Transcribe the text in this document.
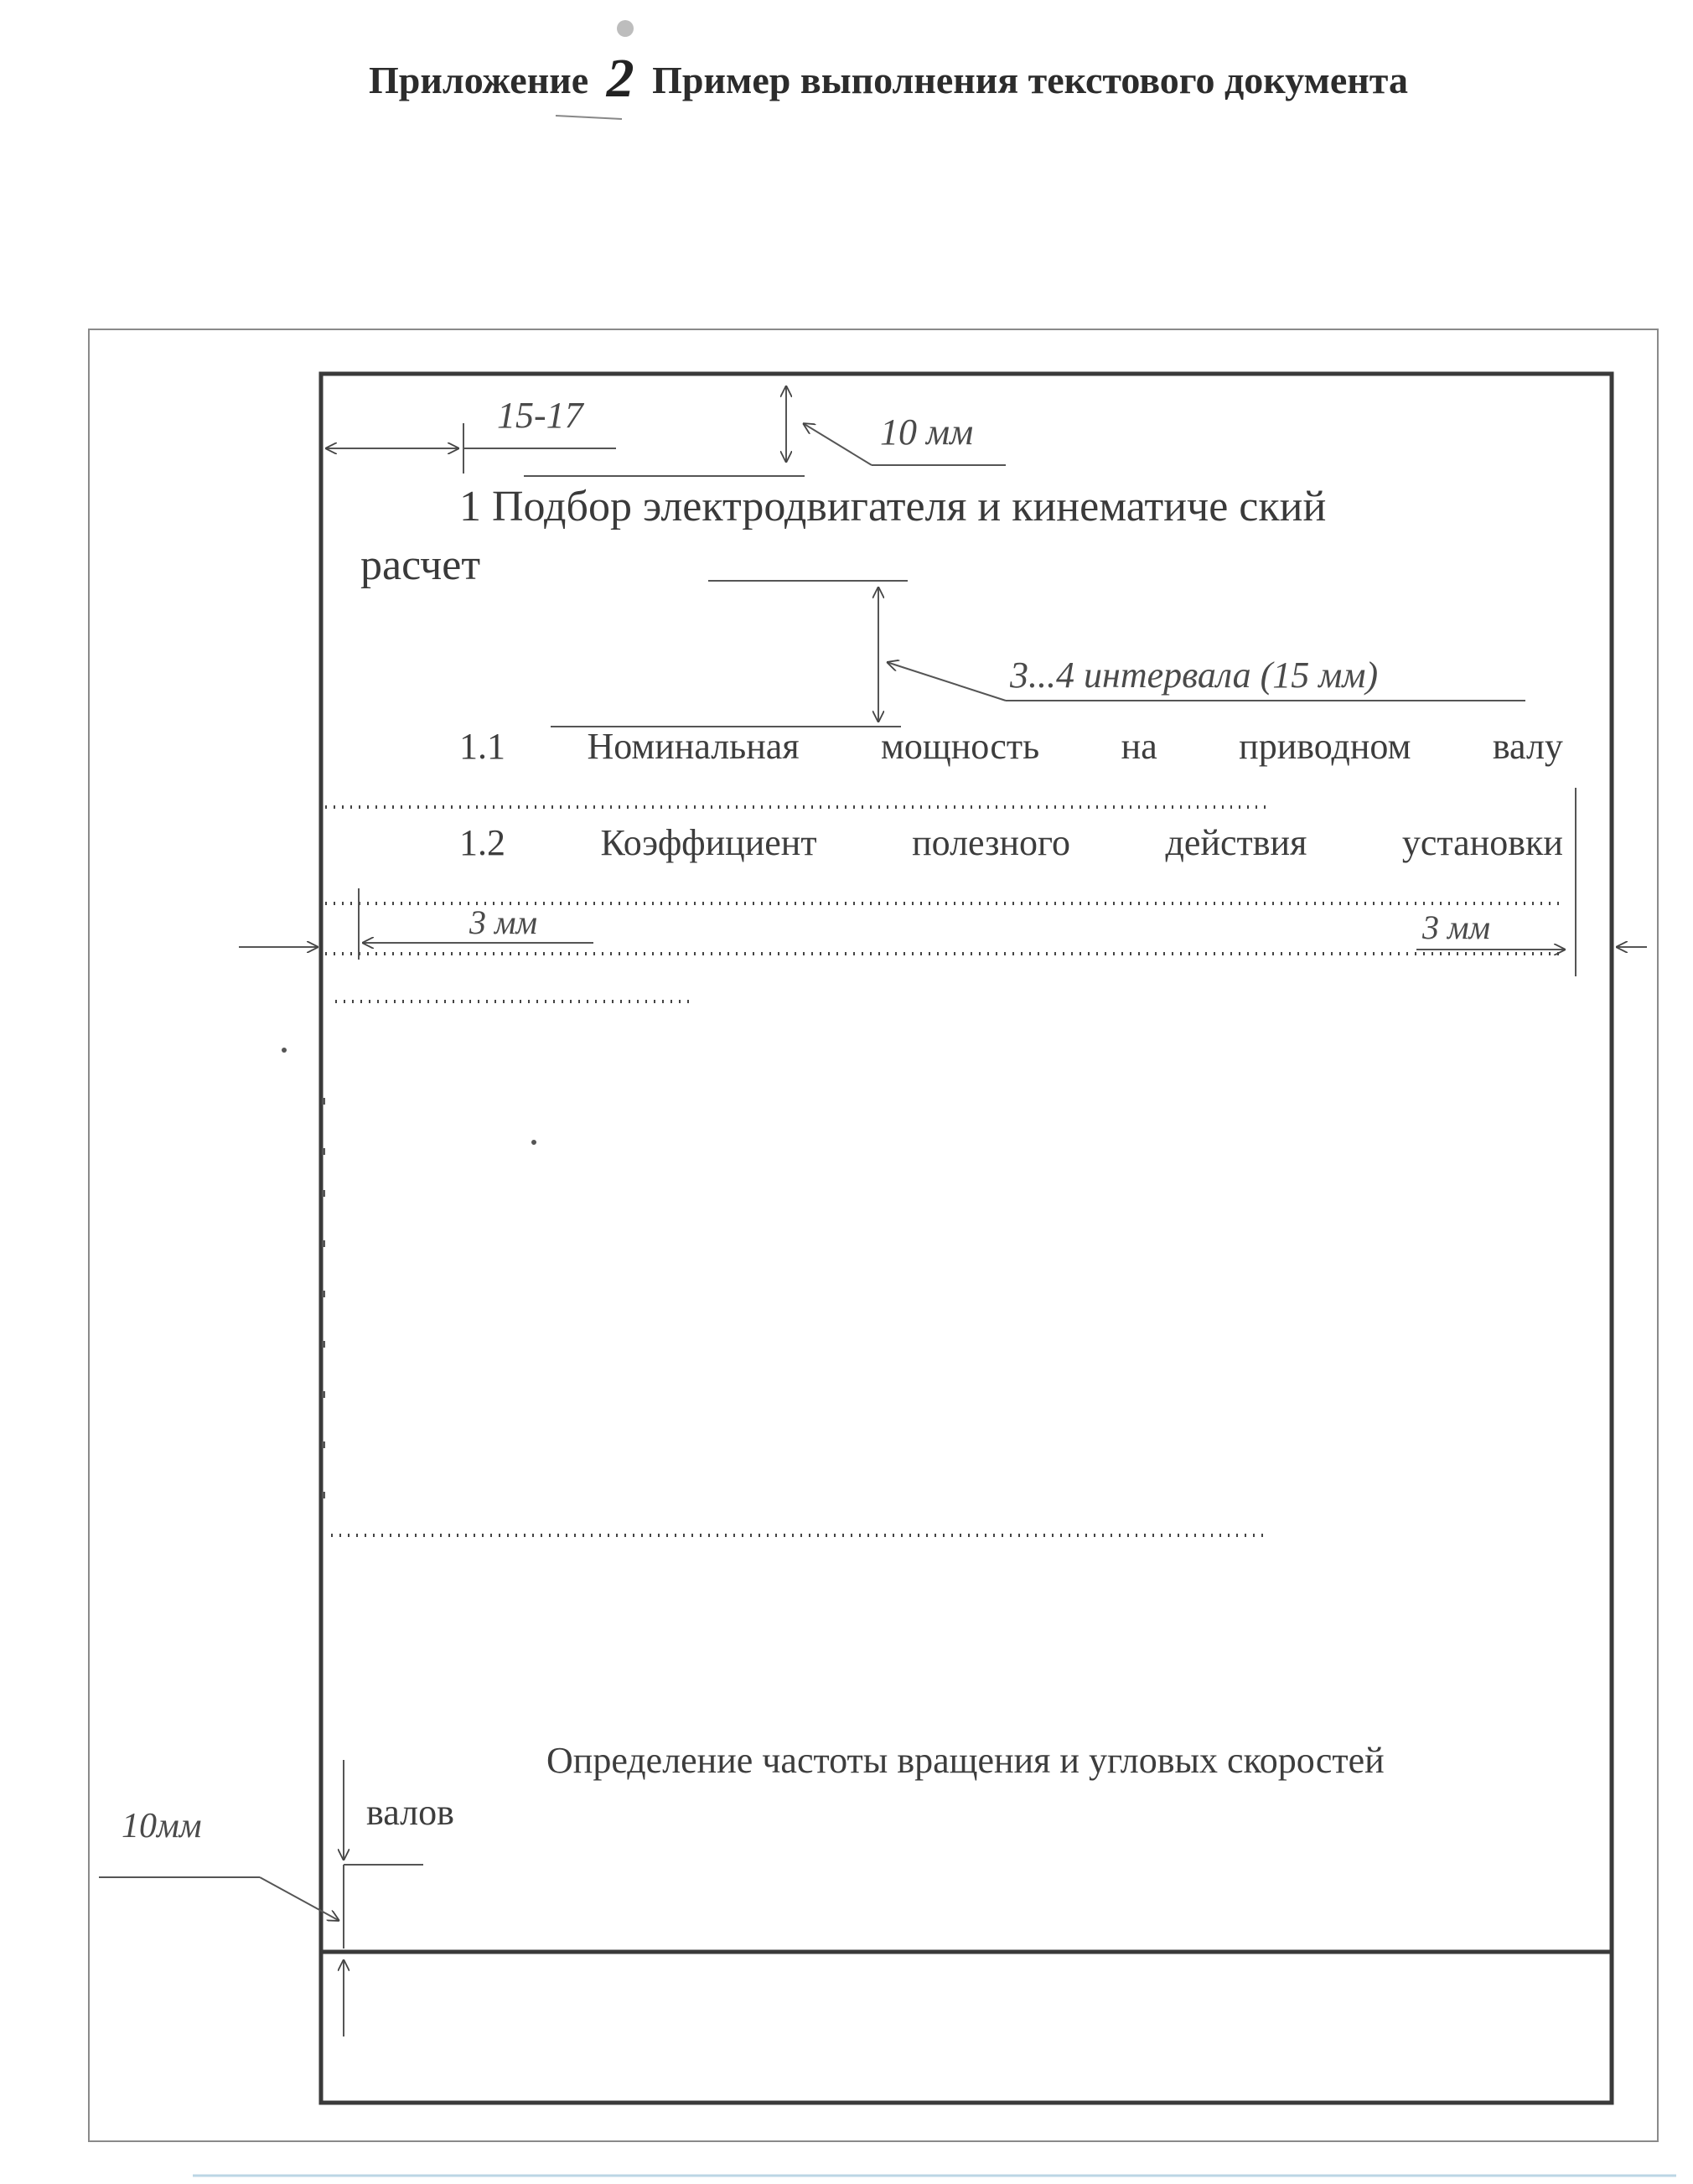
Приложение 2 Пример выполнения текстового документа
15-17	10 мм
3...4 интервала (15 мм)
3 мм	3 мм
10мм
1 Подбор электродвигателя и кинематиче ский
расчет
1.1 Номинальная мощность на приводном валу
1.2	Коэффициент	полезного	действия	установки
Определение частоты вращения и угловых скоростей
валов
